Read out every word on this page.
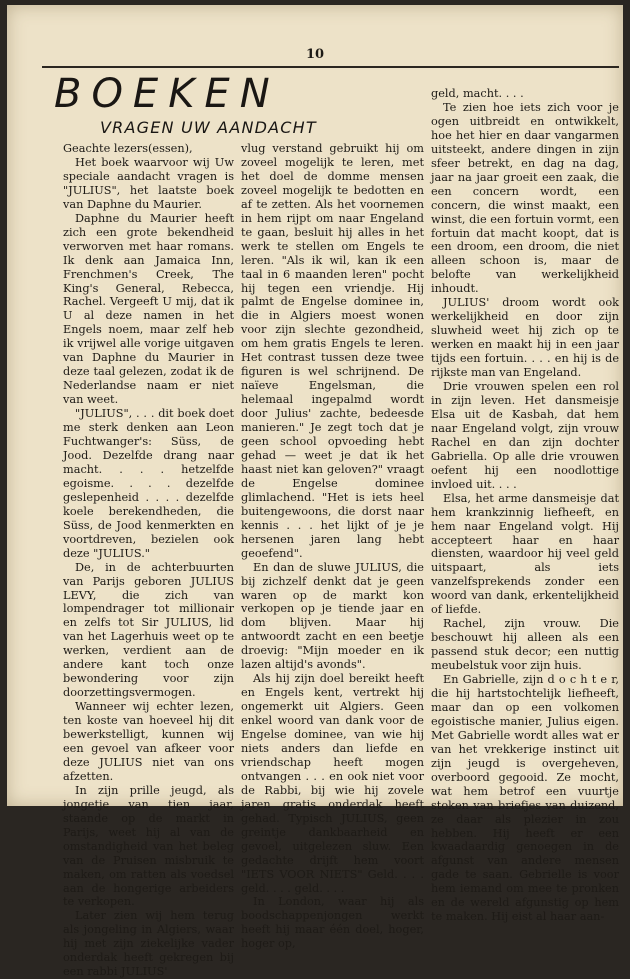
10
BOEKEN
VRAGEN UW AANDACHT

Geachte lezers(essen),

Het boek waarvoor wij Uw speciale aandacht vragen is "JULIUS", het laatste boek van Daphne du Maurier.

Daphne du Maurier heeft zich een grote bekendheid verworven met haar romans. Ik denk aan Jamaica Inn, Frenchmen's Creek, The King's General, Rebecca, Rachel. Vergeeft U mij, dat ik U al deze namen in het Engels noem, maar zelf heb ik vrijwel alle vorige uitgaven van Daphne du Maurier in deze taal gelezen, zodat ik de Nederlandse naam er niet van weet.

"JULIUS", . . . dit boek doet me sterk denken aan Leon Fuchtwanger's: Süss, de Jood. Dezelfde drang naar macht. . . . hetzelfde egoisme. . . . dezelfde geslepenheid . . . . dezelfde koele berekendheden, die Süss, de Jood kenmerkten en voortdreven, bezielen ook deze "JULIUS."

De, in de achterbuurten van Parijs geboren JULIUS LEVY, die zich van lompendrager tot millionair en zelfs tot Sir JULIUS, lid van het Lagerhuis weet op te werken, verdient aan de andere kant toch onze bewondering voor zijn doorzettingsvermogen.

Wanneer wij echter lezen, ten koste van hoeveel hij dit bewerkstelligt, kunnen wij een gevoel van afkeer voor deze JULIUS niet van ons afzetten.

In zijn prille jeugd, als jongetje van tien jaar, staande op de markt in Parijs, weet hij al van de omstandigheid van het beleg van de Pruisen misbruik te maken, om ratten als voedsel aan de hongerige arbeiders te verkopen.

Later zien wij hem terug als jongeling in Algiers, waar hij met zijn ziekelijke vader onderdak heeft gekregen bij een rabbi JULIUS'

vlug verstand gebruikt hij om zoveel mogelijk te leren, met het doel de domme mensen zoveel mogelijk te bedotten en af te zetten. Als het voornemen in hem rijpt om naar Engeland te gaan, besluit hij alles in het werk te stellen om Engels te leren. "Als ik wil, kan ik een taal in 6 maanden leren" pocht hij tegen een vriendje. Hij palmt de Engelse dominee in, die in Algiers moest wonen voor zijn slechte gezondheid, om hem gratis Engels te leren. Het contrast tussen deze twee figuren is wel schrijnend. De naïeve Engelsman, die helemaal ingepalmd wordt door Julius' zachte, bedeesde manieren." Je zegt toch dat je geen school opvoeding hebt gehad — weet je dat ik het haast niet kan geloven?" vraagt de Engelse dominee glimlachend. "Het is iets heel buitengewoons, die dorst naar kennis . . . het lijkt of je je hersenen jaren lang hebt geoefend".

En dan de sluwe JULIUS, die bij zichzelf denkt dat je geen waren op de markt kon verkopen op je tiende jaar en dom blijven. Maar hij antwoordt zacht en een beetje droevig: "Mijn moeder en ik lazen altijd's avonds".

Als hij zijn doel bereikt heeft en Engels kent, vertrekt hij ongemerkt uit Algiers. Geen enkel woord van dank voor de Engelse dominee, van wie hij niets anders dan liefde en vriendschap heeft mogen ontvangen . . . en ook niet voor de Rabbi, bij wie hij zovele jaren gratis onderdak heeft gehad. Typisch JULIUS, geen greintje dankbaarheid en gevoel, uitgelezen sluw. Een gedachte drijft hem voort "IETS VOOR NIETS" Geld. . . . geld. . . . geld. . . .

In London, waar hij als boodschappenjongen werkt heeft hij maar één doel, hoger, hoger op,

geld, macht. . . .

Te zien hoe iets zich voor je ogen uitbreidt en ontwikkelt, hoe het hier en daar vangarmen uitsteekt, andere dingen in zijn sfeer betrekt, en dag na dag, jaar na jaar groeit een zaak, die een concern wordt, een concern, die winst maakt, een winst, die een fortuin vormt, een fortuin dat macht koopt, dat is een droom, een droom, die niet alleen schoon is, maar de belofte van werkelijkheid inhoudt.

JULIUS' droom wordt ook werkelijkheid en door zijn sluwheid weet hij zich op te werken en maakt hij in een jaar tijds een fortuin. . . . en hij is de rijkste man van Engeland.

Drie vrouwen spelen een rol in zijn leven. Het dansmeisje Elsa uit de Kasbah, dat hem naar Engeland volgt, zijn vrouw Rachel en dan zijn dochter Gabriella. Op alle drie vrouwen oefent hij een noodlottige invloed uit. . . .

Elsa, het arme dansmeisje dat hem krankzinnig liefheeft, en hem naar Engeland volgt. Hij accepteert haar en haar diensten, waardoor hij veel geld uitspaart, als iets vanzelfsprekends zonder een woord van dank, erkentelijkheid of liefde.

Rachel, zijn vrouw. Die beschouwt hij alleen als een passend stuk decor; een nuttig meubelstuk voor zijn huis.

En Gabrielle, zijn d o c h t e r, die hij hartstochtelijk liefheeft, maar dan op een volkomen egoistische manier, Julius eigen. Met Gabrielle wordt alles wat er van het vrekkerige instinct uit zijn jeugd is overgeheven, overboord gegooid. Ze mocht, wat hem betrof een vuurtje stoken van briefjes van duizend, ze daar als plezier in zou hebben. Hij heeft er een kwaadaardig genoegen in de afgunst van andere mensen gade te saan. Gebrielle is voor hem iemand om mee te pronken en de wereld afgunstig op hem te maken. Hij eist al haar aan-
